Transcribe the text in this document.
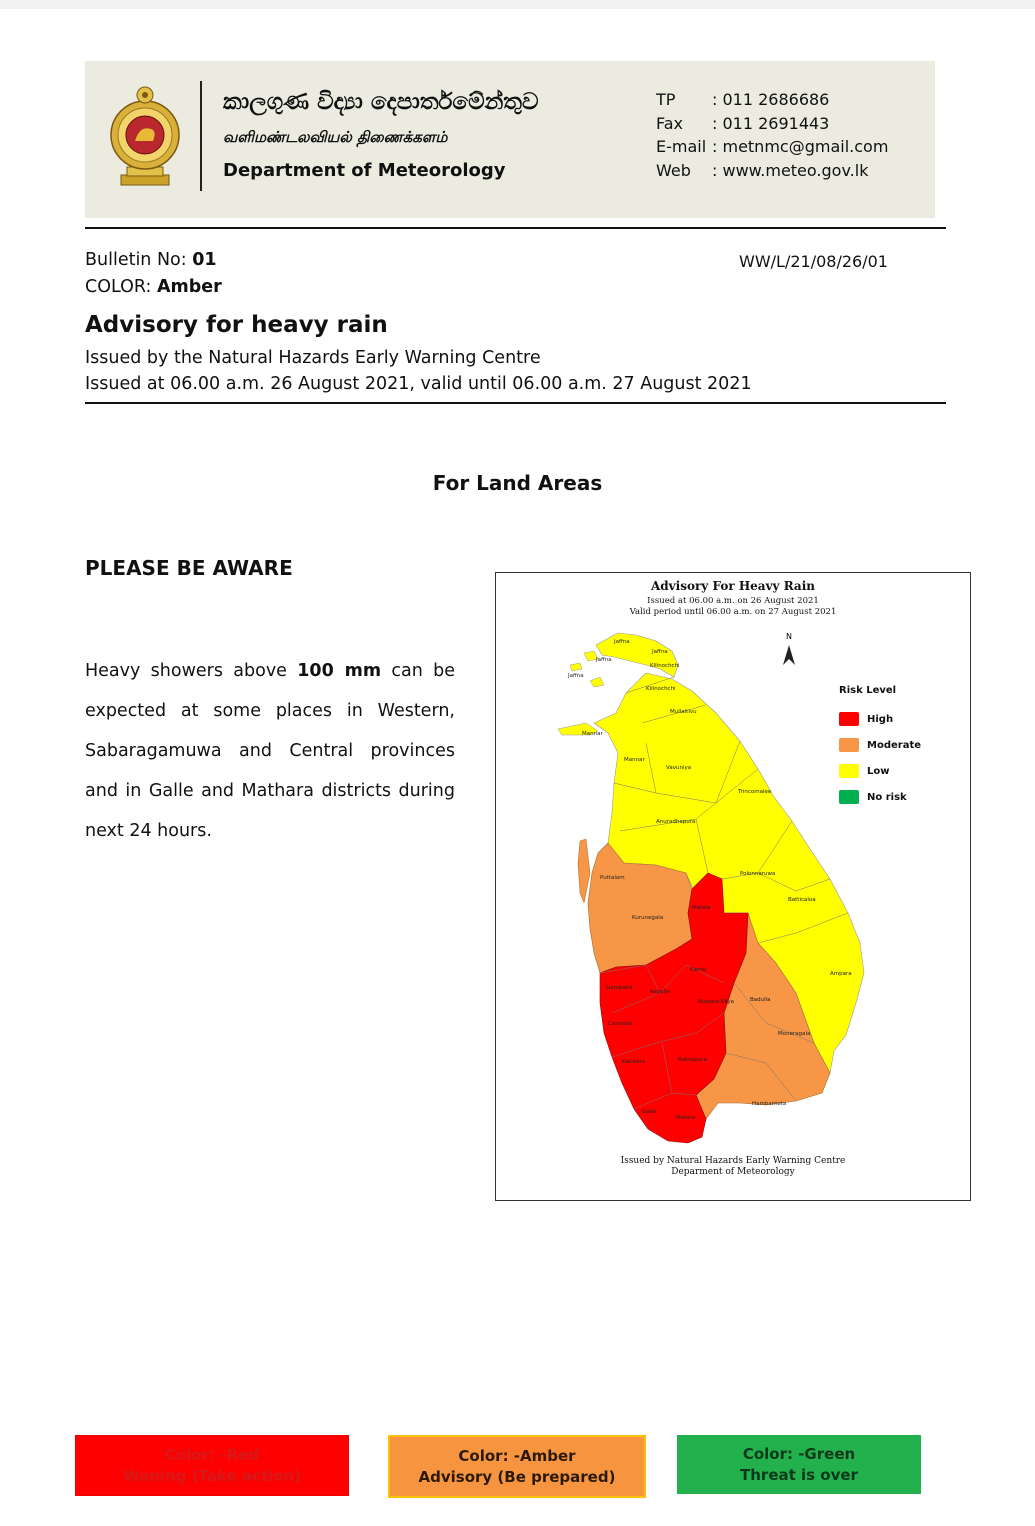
කාලගුණ විද්‍යා දෙපාර්තමේන්තුව
வளிமண்டலவியல் திணைக்களம்
Department of Meteorology
TP : 011 2686686
Fax : 011 2691443
E-mail : metnmc@gmail.com
Web : www.meteo.gov.lk
Bulletin No: 01
COLOR: Amber
WW/L/21/08/26/01
Advisory for heavy rain
Issued by the Natural Hazards Early Warning Centre
Issued at 06.00 a.m. 26 August 2021, valid until 06.00 a.m. 27 August 2021
For Land Areas
PLEASE BE AWARE
Heavy showers above 100 mm can be expected at some places in Western, Sabaragamuwa and Central provinces and in Galle and Mathara districts during next 24 hours.
Advisory For Heavy Rain
Issued at 06.00 a.m. on 26 August 2021
Valid period until 06.00 a.m. on 27 August 2021
N
Jaffna
Jaffna
Jaffna
Jaffna
Kilinochchi
Kilinochchi
Mullaitivu
Mannar
Mannar
Vavuniya
Trincomalee
Anuradhapura
Puttalam
Polonnaruwa
Matale
Batticaloa
Kurunegala
Kandy
Ampara
Gampaha
Kegalle
Nuwara Eliya	Badulla
Colombo
Moneragala
Kalutara	Ratnapura
Hambantota
Galle
Matara
Risk Level
High
Moderate
Low
No risk
Issued by Natural Hazards Early Warning Centre
Deparment of Meteorology
Color: -Red
Waning (Take action)
Color: -Amber
Advisory (Be prepared)
Color: -Green
Threat is over
